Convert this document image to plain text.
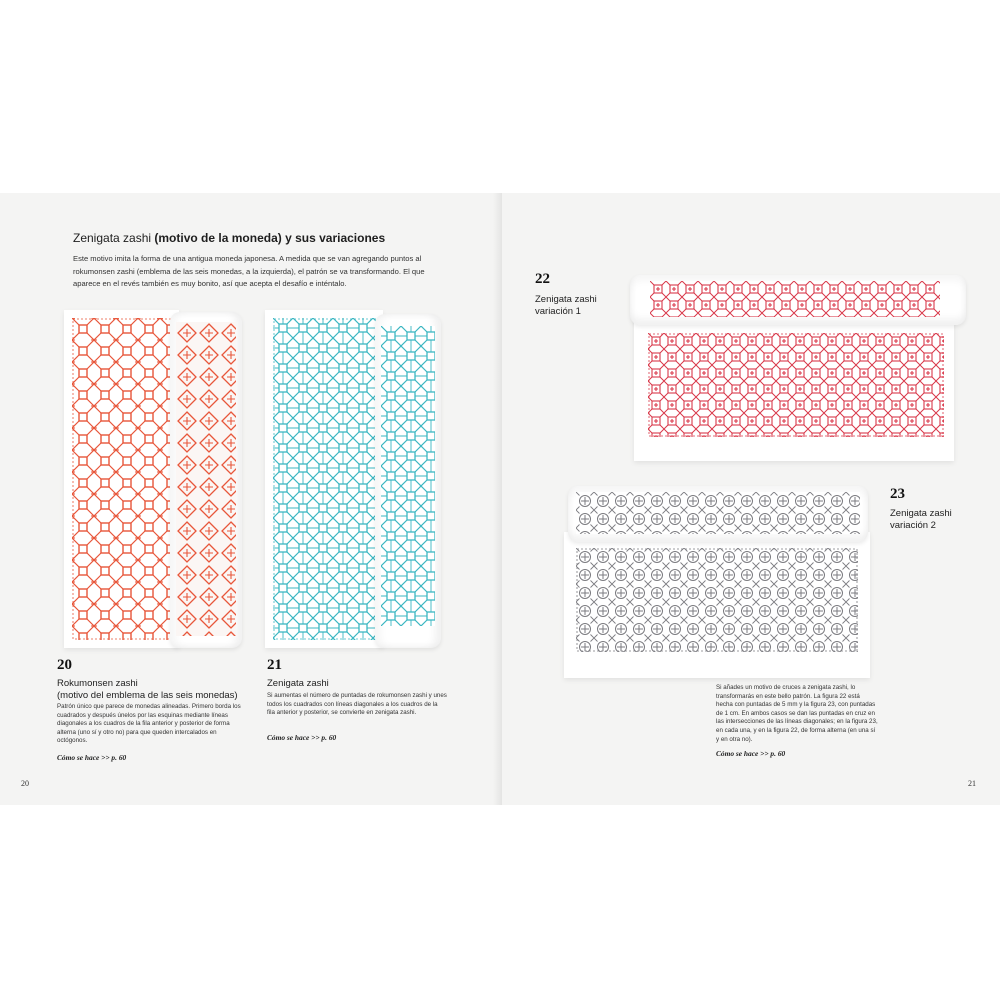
Zenigata zashi (motivo de la moneda) y sus variaciones
Este motivo imita la forma de una antigua moneda japonesa. A medida que se van agregando puntos al rokumonsen zashi (emblema de las seis monedas, a la izquierda), el patrón se va transformando. El que aparece en el revés también es muy bonito, así que acepta el desafío e inténtalo.
20
Rokumonsen zashi
(motivo del emblema de las seis monedas)
Patrón único que parece de monedas alineadas. Primero borda los cuadrados y después únelos por las esquinas mediante líneas diagonales a los cuadros de la fila anterior y posterior de forma alterna (uno sí y otro no) para que queden intercalados en octógonos.
Cómo se hace >> p. 60
21
Zenigata zashi
Si aumentas el número de puntadas de rokumonsen zashi y unes todos los cuadrados con líneas diagonales a los cuadros de la fila anterior y posterior, se convierte en zenigata zashi.
Cómo se hace >> p. 60
20
22
Zenigata zashi
variación 1
23
Zenigata zashi
variación 2
Si añades un motivo de cruces a zenigata zashi, lo transformarás en este bello patrón. La figura 22 está hecha con puntadas de 5 mm y la figura 23, con puntadas de 1 cm. En ambos casos se dan las puntadas en cruz en las intersecciones de las líneas diagonales; en la figura 23, en cada una, y en la figura 22, de forma alterna (en una sí y en otra no).
Cómo se hace >> p. 60
21
